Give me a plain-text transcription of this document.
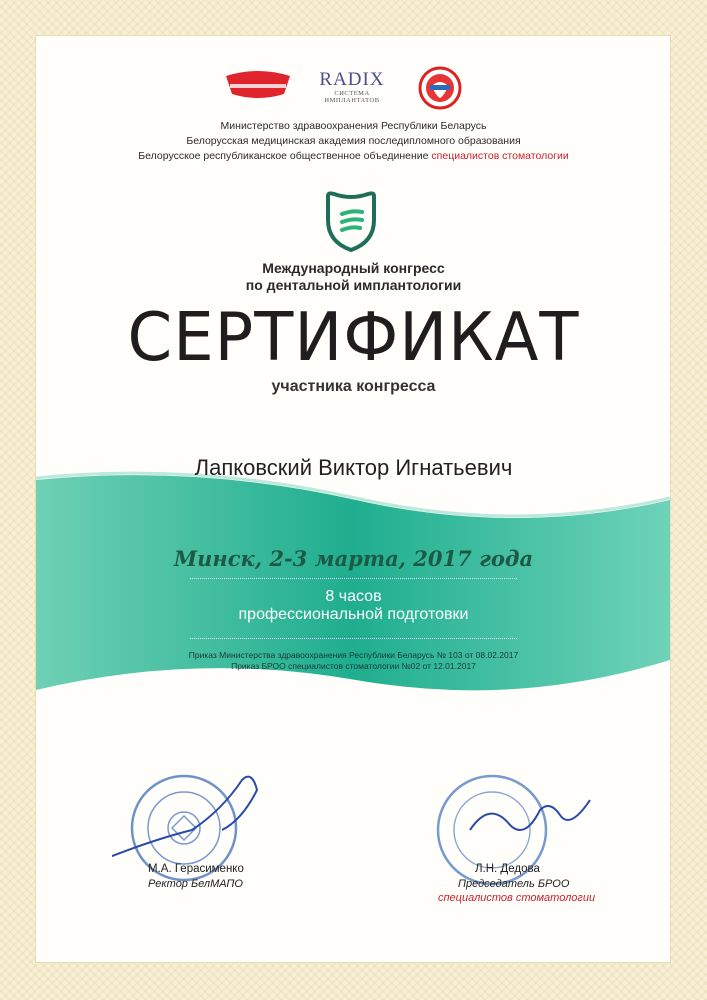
RADIX
СИСТЕМА ИМПЛАНТАТОВ
Министерство здравоохранения Республики Беларусь
Белорусская медицинская академия последипломного образования
Белорусское республиканское общественное объединение специалистов стоматологии
Международный конгресс
по дентальной имплантологии
СЕРТИФИКАТ
участника конгресса
Лапковский Виктор Игнатьевич
Минск, 2-3 марта, 2017 года
8 часов
профессиональной подготовки
Приказ Министерства здравоохранения Республики Беларусь № 103 от 08.02.2017
Приказ БРОО специалистов стоматологии №02 от 12.01.2017
М.А. Герасименко
Ректор БелМАПО
Л.Н. Дедова
Председатель БРОО
специалистов стоматологии
